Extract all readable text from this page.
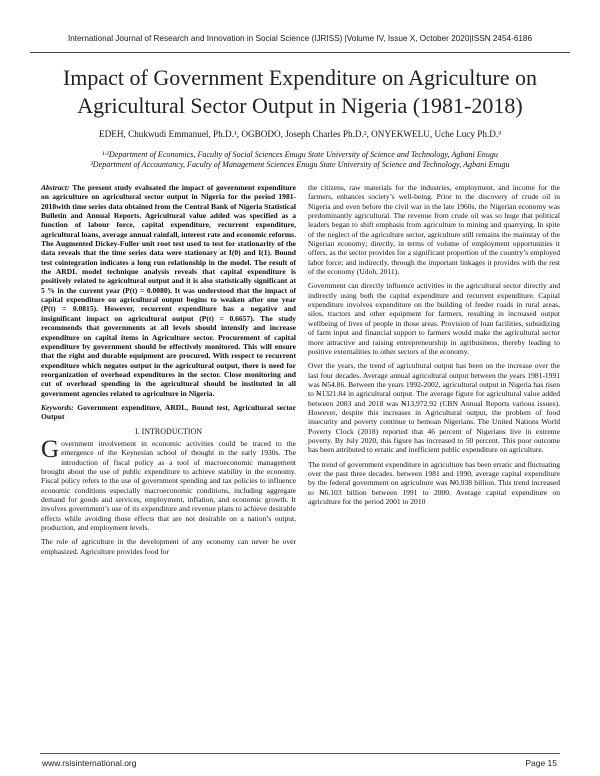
International Journal of Research and Innovation in Social Science (IJRISS) |Volume IV, Issue X, October 2020|ISSN 2454-6186
Impact of Government Expenditure on Agriculture on Agricultural Sector Output in Nigeria (1981-2018)
EDEH, Chukwudi Emmanuel, Ph.D.¹, OGBODO, Joseph Charles Ph.D.², ONYEKWELU, Uche Lucy Ph.D.³
¹·²Department of Economics, Faculty of Social Sciences Enugu State University of Science and Technology, Agbani Enugu
³Department of Accountancy, Faculty of Management Sciences Enugu State University of Science and Technology, Agbani Enugu

Abstract: The present study evaluated the impact of government expenditure on agriculture on agricultural sector output in Nigeria for the period 1981-2018with time series data obtained from the Central Bank of Nigeria Statistical Bulletin and Annual Reports. Agricultural value added was specified as a function of labour force, capital expenditure, recurrent expenditure, agricultural loans, average annual rainfall, interest rate and economic reforms. The Augmented Dickey-Fuller unit root test used to test for stationarity of the data reveals that the time series data were stationary at I(0) and I(1). Bound test cointegration indicates a long run relationship in the model. The result of the ARDL model technique analysis reveals that capital expenditure is positively related to agricultural output and it is also statistically significant at 5 % in the current year (P(t) = 0.0080). It was understood that the impact of capital expenditure on agricultural output begins to weaken after one year (P(t) = 0.0815). However, recurrent expenditure has a negative and insignificant impact on agricultural output (P(t) = 0.6657). The study recommends that governments at all levels should intensify and increase expenditure on capital items in Agriculture sector. Procurement of capital expenditure by government should be effectively monitored. This will ensure that the right and durable equipment are procured. With respect to recurrent expenditure which negates output in the agricultural output, there is need for reorganization of overhead expenditures in the sector. Close monitoring and cut of overhead spending in the agricultural should be instituted in all government agencies related to agriculture in Nigeria.

Keywords: Government expenditure, ARDL, Bound test, Agricultural sector Output

I. INTRODUCTION

Government involvement in economic activities could be traced to the emergence of the Keynesian school of thought in the early 1930s. The introduction of fiscal policy as a tool of macroeconomic management brought about the use of public expenditure to achieve stability in the economy. Fiscal policy refers to the use of government spending and tax policies to influence economic conditions especially macroeconomic conditions, including aggregate demand for goods and services, employment, inflation, and economic growth. It involves government’s use of its expenditure and revenue plans to achieve desirable effects while avoiding those effects that are not desirable on a nation’s output, production, and employment levels.

The role of agriculture in the development of any economy can never be over emphasized. Agriculture provides food for

the citizens, raw materials for the industries, employment, and income for the farmers, enhances society’s well-being. Prior to the discovery of crude oil in Nigeria and even before the civil war in the late 1960s, the Nigerian economy was predominantly agricultural. The revenue from crude oil was so huge that political leaders began to shift emphasis from agriculture to mining and quarrying. In spite of the neglect of the agriculture sector, agriculture still remains the mainstay of the Nigerian economy; directly, in terms of volume of employment opportunities it offers, as the sector provides for a significant proportion of the country’s employed labor force; and indirectly, through the important linkages it provides with the rest of the economy (Udoh, 2011).

Government can directly influence activities in the agricultural sector directly and indirectly using both the capital expenditure and recurrent expenditure. Capital expenditure involves expenditure on the building of feeder roads in rural areas, silos, tractors and other equipment for farmers, resulting in increased output wellbeing of lives of people in those areas. Provision of loan facilities, subsidizing of farm input and financial support to farmers would make the agricultural sector more attractive and raising entrepreneurship in agribusiness, thereby leading to positive externalities to other sectors of the economy.

Over the years, the trend of agricultural output has been on the increase over the last four decades. Average annual agricultural output between the years 1981-1991 was ₦54.86. Between the years 1992-2002, agricultural output in Nigeria has risen to ₦1321.84 in agricultural output. The average figure for agricultural value added between 2003 and 2018 was ₦13,972.92 (CBN Annual Reports various issues). However, despite this increases in Agricultural output, the problem of food insecurity and poverty continue to bemoan Nigerians. The United Nations World Poverty Clock (2018) reported that 46 percent of Nigerians live in extreme poverty. By July 2020, this figure has increased to 50 percent. This poor outcome has been attributed to erratic and inefficient public expenditure on agriculture.

The trend of government expenditure in agriculture has been erratic and fluctuating over the past three decades. between 1981 and 1990, average capital expenditure by the federal government on agriculture was ₦0.938 billion. This trend increased to ₦6.103 billion between 1991 to 2000. Average capital expenditure on agriculture for the period 2001 to 2010

www.rsisinternational.org	Page 15
